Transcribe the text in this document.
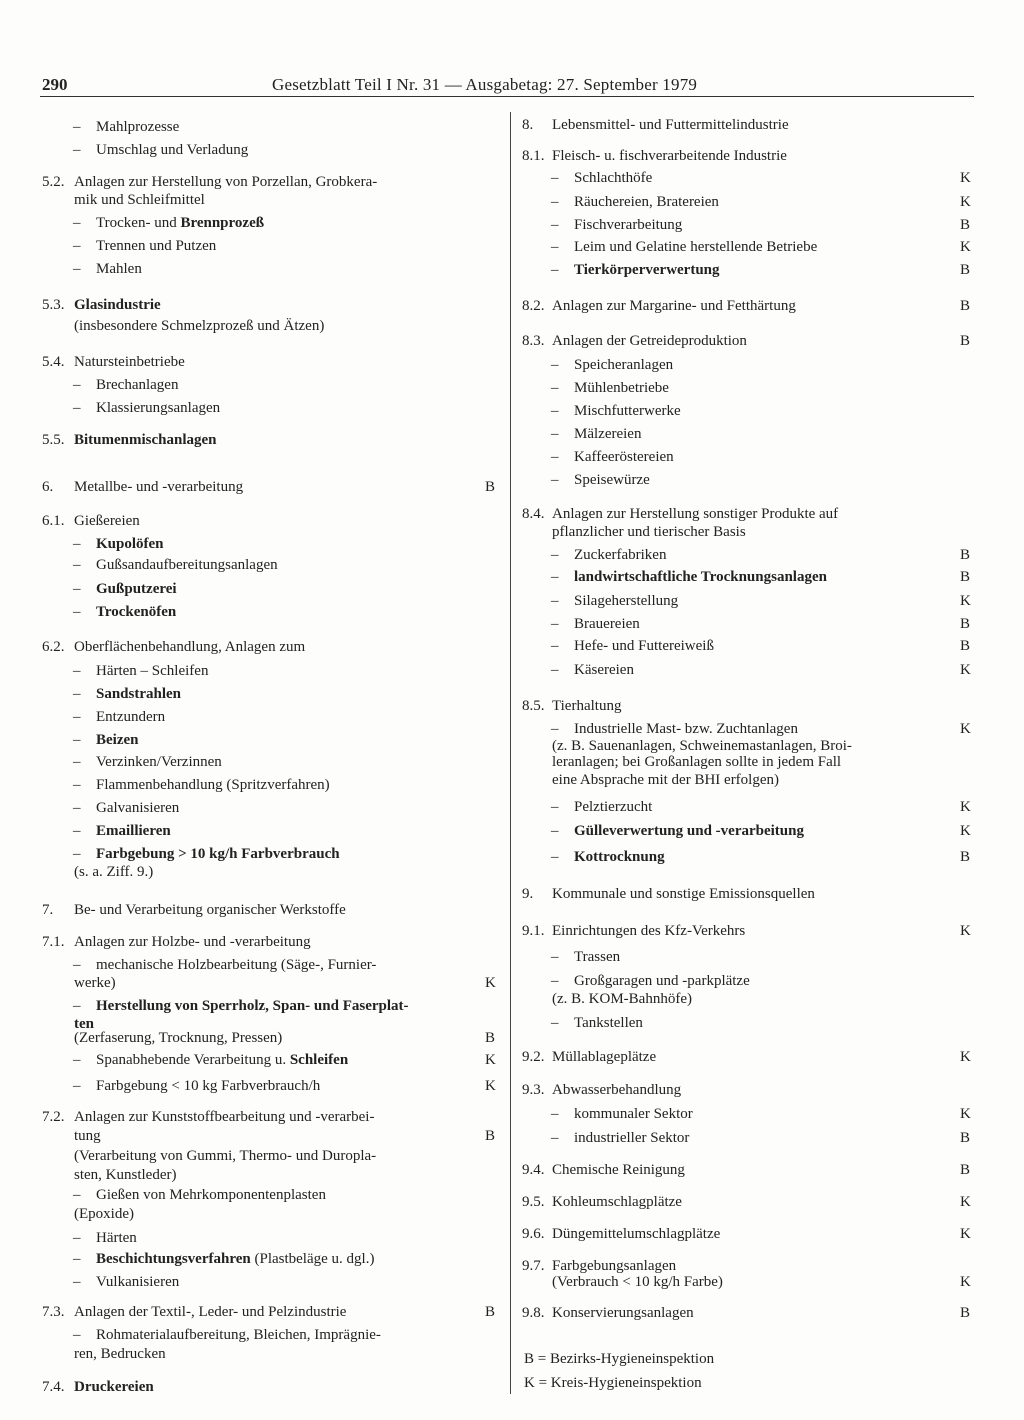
290	Gesetzblatt Teil I Nr. 31 — Ausgabetag: 27. September 1979
– Mahlprozesse
– Umschlag und Verladung
5.2. Anlagen zur Herstellung von Porzellan, Grobkera-
mik und Schleifmittel
– Trocken- und Brennprozeß
– Trennen und Putzen
– Mahlen
5.3. Glasindustrie
(insbesondere Schmelzprozeß und Ätzen)
5.4. Natursteinbetriebe
– Brechanlagen
– Klassierungsanlagen
5.5. Bitumenmischanlagen
6. Metallbe- und -verarbeitung	B
6.1. Gießereien
– Kupolöfen
– Gußsandaufbereitungsanlagen
– Gußputzerei
– Trockenöfen
6.2. Oberflächenbehandlung, Anlagen zum
– Härten – Schleifen
– Sandstrahlen
– Entzundern
– Beizen
– Verzinken/Verzinnen
– Flammenbehandlung (Spritzverfahren)
– Galvanisieren
– Emaillieren
– Farbgebung > 10 kg/h Farbverbrauch
(s. a. Ziff. 9.)
7. Be- und Verarbeitung organischer Werkstoffe
7.1. Anlagen zur Holzbe- und -verarbeitung
– mechanische Holzbearbeitung (Säge-, Furnier-
werke)	K
– Herstellung von Sperrholz, Span- und Faserplat-
ten
(Zerfaserung, Trocknung, Pressen)	B
– Spanabhebende Verarbeitung u. Schleifen	K
– Farbgebung < 10 kg Farbverbrauch/h	K
7.2. Anlagen zur Kunststoffbearbeitung und -verarbei-
tung	B
(Verarbeitung von Gummi, Thermo- und Duropla-
sten, Kunstleder)
– Gießen von Mehrkomponentenplasten
(Epoxide)
– Härten
– Beschichtungsverfahren (Plastbeläge u. dgl.)
– Vulkanisieren
7.3. Anlagen der Textil-, Leder- und Pelzindustrie	B
– Rohmaterialaufbereitung, Bleichen, Imprägnie-
ren, Bedrucken
7.4. Druckereien
8. Lebensmittel- und Futtermittelindustrie
8.1. Fleisch- u. fischverarbeitende Industrie
– Schlachthöfe	K
– Räuchereien, Bratereien	K
– Fischverarbeitung	B
– Leim und Gelatine herstellende Betriebe	K
– Tierkörperverwertung	B
8.2. Anlagen zur Margarine- und Fetthärtung	B
8.3. Anlagen der Getreideproduktion	B
– Speicheranlagen
– Mühlenbetriebe
– Mischfutterwerke
– Mälzereien
– Kaffeeröstereien
– Speisewürze
8.4. Anlagen zur Herstellung sonstiger Produkte auf
pflanzlicher und tierischer Basis
– Zuckerfabriken	B
– landwirtschaftliche Trocknungsanlagen	B
– Silageherstellung	K
– Brauereien	B
– Hefe- und Futtereiweiß	B
– Käsereien	K
8.5. Tierhaltung
– Industrielle Mast- bzw. Zuchtanlagen	K
(z. B. Sauenanlagen, Schweinemastanlagen, Broi-
leranlagen; bei Großanlagen sollte in jedem Fall
eine Absprache mit der BHI erfolgen)
– Pelztierzucht	K
– Gülleverwertung und -verarbeitung	K
– Kottrocknung	B
9. Kommunale und sonstige Emissionsquellen
9.1. Einrichtungen des Kfz-Verkehrs	K
– Trassen
– Großgaragen und -parkplätze
(z. B. KOM-Bahnhöfe)
– Tankstellen
9.2. Müllablageplätze	K
9.3. Abwasserbehandlung
– kommunaler Sektor	K
– industrieller Sektor	B
9.4. Chemische Reinigung	B
9.5. Kohleumschlagplätze	K
9.6. Düngemittelumschlagplätze	K
9.7. Farbgebungsanlagen
(Verbrauch < 10 kg/h Farbe)	K
9.8. Konservierungsanlagen	B
B = Bezirks-Hygieneinspektion
K = Kreis-Hygieneinspektion
